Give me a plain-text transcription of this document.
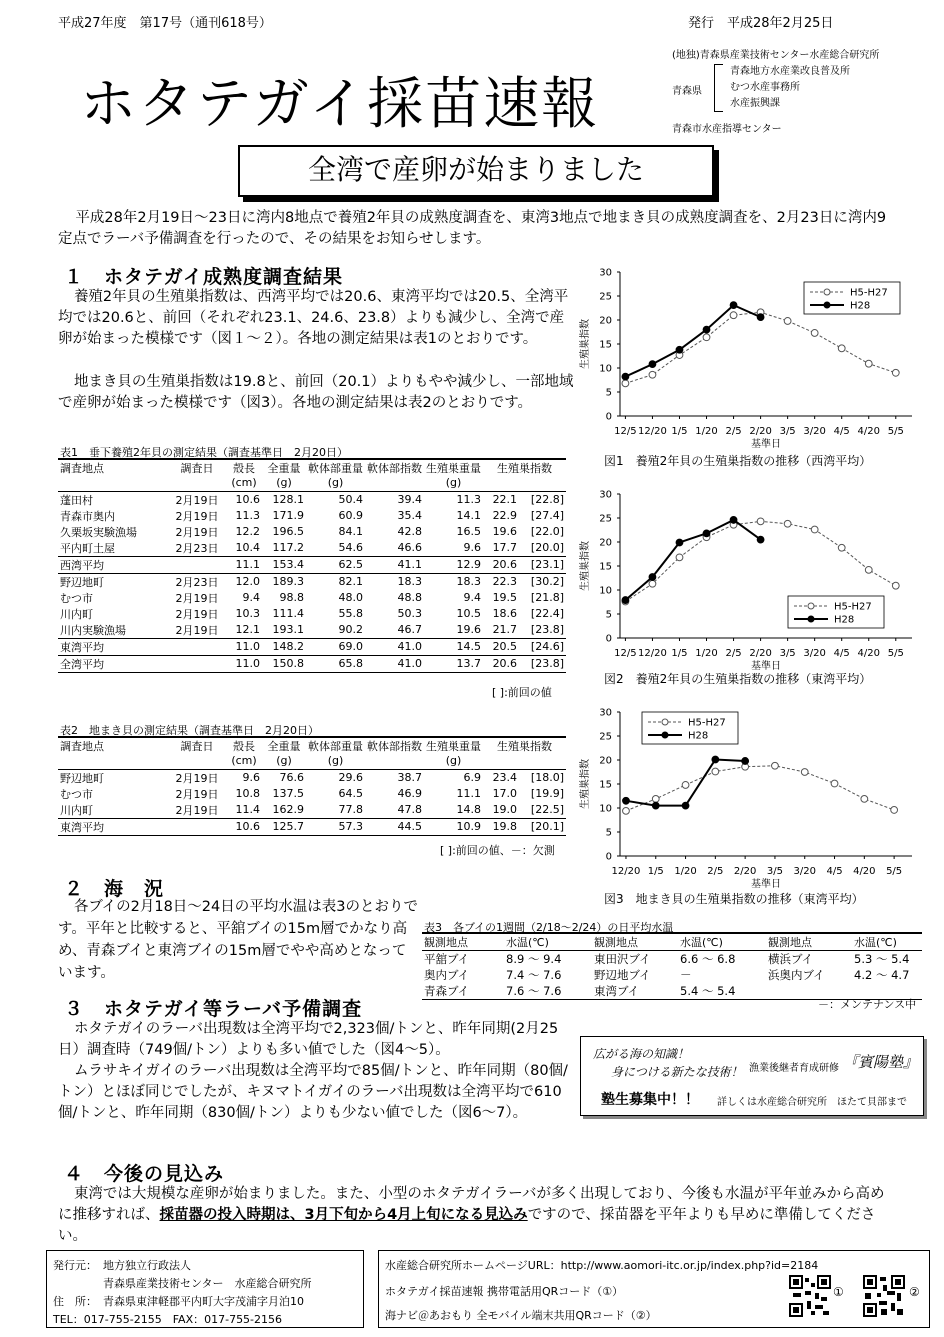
平成27年度　第17号（通刊618号）	発行　平成28年2月25日
ホタテガイ採苗速報
(地独)青森県産業技術センター水産総合研究所
青森県
青森地方水産業改良普及所
むつ水産事務所
水産振興課
青森市水産指導センター
全湾で産卵が始まりました
平成28年2月19日～23日に湾内8地点で養殖2年貝の成熟度調査を、東湾3地点で地まき貝の成熟度調査を、2月23日に湾内9定点でラーバ予備調査を行ったので、その結果をお知らせします。
１　ホタテガイ成熟度調査結果
養殖2年貝の生殖巣指数は、西湾平均では20.6、東湾平均では20.5、全湾平均では20.6と、前回（それぞれ23.1、24.6、23.8）よりも減少し、全湾で産卵が始まった模様です（図１～２）。各地の測定結果は表1のとおりです。
地まき貝の生殖巣指数は19.8と、前回（20.1）よりもやや減少し、一部地域で産卵が始まった模様です（図3）。各地の測定結果は表2のとおりです。
表1　垂下養殖2年貝の測定結果（調査基準日　2月20日）
調査地点	調査日	殻長	全重量	軟体部重量	軟体部指数	生殖巣重量	生殖巣指数	
		(cm)	(g)	(g)		(g)		
蓬田村	2月19日	10.6	128.1	50.4	39.4	11.3	22.1	[22.8]
青森市奥内	2月19日	11.3	171.9	60.9	35.4	14.1	22.9	[27.4]
久栗坂実験漁場	2月19日	12.2	196.5	84.1	42.8	16.5	19.6	[22.0]
平内町土屋	2月23日	10.4	117.2	54.6	46.6	9.6	17.7	[20.0]
西湾平均		11.1	153.4	62.5	41.1	12.9	20.6	[23.1]
野辺地町	2月23日	12.0	189.3	82.1	18.3	18.3	22.3	[30.2]
むつ市	2月19日	9.4	98.8	48.0	48.8	9.4	19.5	[21.8]
川内町	2月19日	10.3	111.4	55.8	50.3	10.5	18.6	[22.4]
川内実験漁場	2月19日	12.1	193.1	90.2	46.7	19.6	21.7	[23.8]
東湾平均		11.0	148.2	69.0	41.0	14.5	20.5	[24.6]
全湾平均		11.0	150.8	65.8	41.0	13.7	20.6	[23.8]
[ ]:前回の値
表2　地まき貝の測定結果（調査基準日　2月20日）
調査地点	調査日	殻長	全重量	軟体部重量	軟体部指数	生殖巣重量	生殖巣指数	
		(cm)	(g)	(g)		(g)		
野辺地町	2月19日	9.6	76.6	29.6	38.7	6.9	23.4	[18.0]
むつ市	2月19日	10.8	137.5	64.5	46.9	11.1	17.0	[19.9]
川内町	2月19日	11.4	162.9	77.8	47.8	14.8	19.0	[22.5]
東湾平均		10.6	125.7	57.3	44.5	10.9	19.8	[20.1]
[ ]:前回の値、－：欠測
0
5
10
15
20
25
30
12/5 12/20 1/5 1/20 2/5 2/20 3/5 3/20 4/5 4/20 5/5
生殖巣指数
基準日
H5-H27
H28
図1　養殖2年貝の生殖巣指数の推移（西湾平均）
0
5
10
15
20
25
30
12/5 12/20 1/5 1/20 2/5 2/20 3/5 3/20 4/5 4/20 5/5
生殖巣指数
基準日
H5-H27
H28
図2　養殖2年貝の生殖巣指数の推移（東湾平均）
0
5
10
15
20
25
30
12/20 1/5 1/20 2/5 2/20 3/5 3/20 4/5 4/20 5/5
生殖巣指数
基準日
H5-H27
H28
図3　地まき貝の生殖巣指数の推移（東湾平均）
２　海　況
各ブイの2月18日～24日の平均水温は表3のとおりです。平年と比較すると、平舘ブイの15m層でかなり高め、青森ブイと東湾ブイの15m層でやや高めとなっています。
表3　各ブイの1週間（2/18～2/24）の日平均水温
観測地点	水温(℃)	観測地点	水温(℃)	観測地点	水温(℃)
平舘ブイ	8.9 ～ 9.4	東田沢ブイ	6.6 ～ 6.8	横浜ブイ	5.3 ～ 5.4
奥内ブイ	7.4 ～ 7.6	野辺地ブイ	－	浜奥内ブイ	4.2 ～ 4.7
青森ブイ	7.6 ～ 7.6	東湾ブイ	5.4 ～ 5.4		
－：メンテナンス中
３　ホタテガイ等ラーバ予備調査
ホタテガイのラーバ出現数は全湾平均で2,323個/トンと、昨年同期(2月25日）調査時（749個/トン）よりも多い値でした（図4～5）。
ムラサキイガイのラーバ出現数は全湾平均で85個/トンと、昨年同期（80個/トン）とほぼ同じでしたが、キヌマトイガイのラーバ出現数は全湾平均で610個/トンと、昨年同期（830個/トン）よりも少ない値でした（図6～7）。
広がる海の知識！
身につける新たな技術！ 漁業後継者育成研修 『賓陽塾』
塾生募集中！！ 詳しくは水産総合研究所　ほたて貝部まで
４　今後の見込み
東湾では大規模な産卵が始まりました。また、小型のホタテガイラーバが多く出現しており、今後も水温が平年並みから高めに推移すれば、採苗器の投入時期は、3月下旬から4月上旬になる見込みですので、採苗器を平年よりも早めに準備してください。
発行元： 地方独立行政法人
青森県産業技術センター　水産総合研究所
住　所： 青森県東津軽郡平内町大字茂浦字月泊10
TEL：017-755-2155　FAX：017-755-2156
水産総合研究所ホームページURL：http://www.aomori-itc.or.jp/index.php?id=2184
ホタテガイ採苗速報 携帯電話用QRコード（①）
海ナビ＠あおもり 全モバイル端末共用QRコード（②）
①	②
